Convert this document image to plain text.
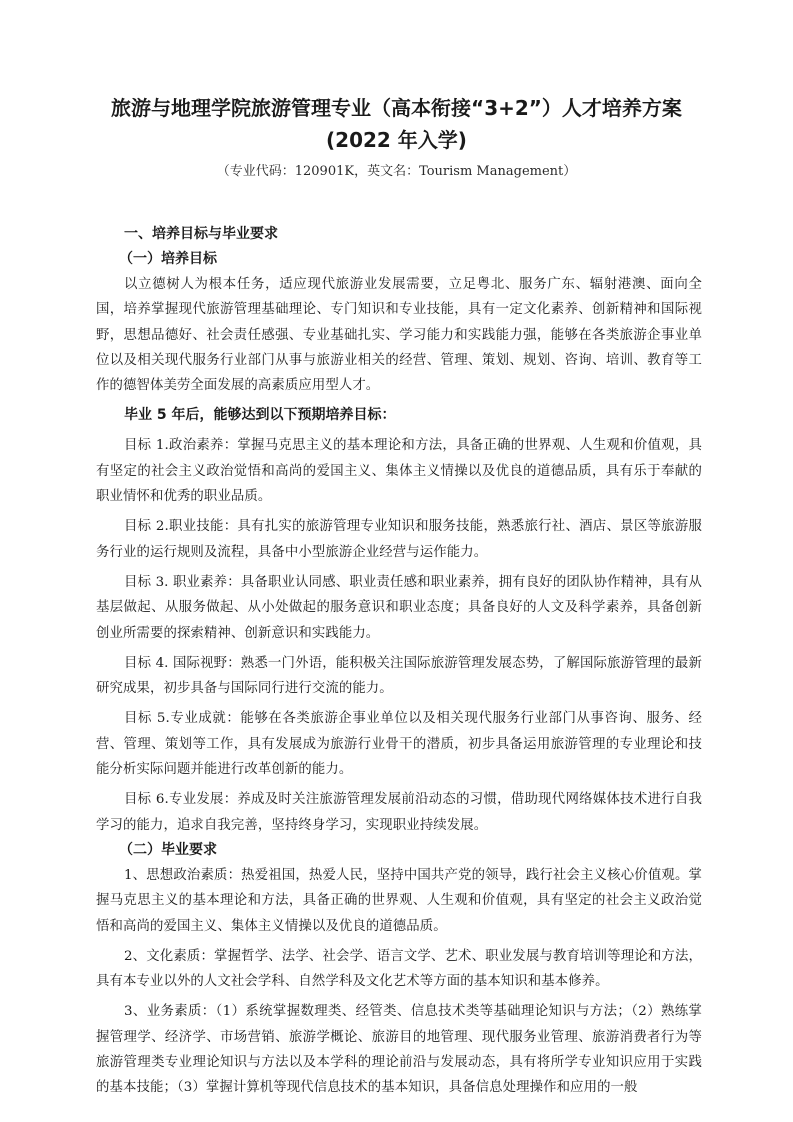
旅游与地理学院旅游管理专业（高本衔接“3+2”）人才培养方案
(2022 年入学)
（专业代码：120901K，英文名：Tourism Management）
一、培养目标与毕业要求
（一）培养目标

以立德树人为根本任务，适应现代旅游业发展需要，立足粤北、服务广东、辐射港澳、面向全国，培养掌握现代旅游管理基础理论、专门知识和专业技能，具有一定文化素养、创新精神和国际视野，思想品德好、社会责任感强、专业基础扎实、学习能力和实践能力强，能够在各类旅游企事业单位以及相关现代服务行业部门从事与旅游业相关的经营、管理、策划、规划、咨询、培训、教育等工作的德智体美劳全面发展的高素质应用型人才。

毕业 5 年后，能够达到以下预期培养目标：

目标 1.政治素养：掌握马克思主义的基本理论和方法，具备正确的世界观、人生观和价值观，具有坚定的社会主义政治觉悟和高尚的爱国主义、集体主义情操以及优良的道德品质，具有乐于奉献的职业情怀和优秀的职业品质。

目标 2.职业技能：具有扎实的旅游管理专业知识和服务技能，熟悉旅行社、酒店、景区等旅游服务行业的运行规则及流程，具备中小型旅游企业经营与运作能力。

目标 3. 职业素养：具备职业认同感、职业责任感和职业素养，拥有良好的团队协作精神，具有从基层做起、从服务做起、从小处做起的服务意识和职业态度；具备良好的人文及科学素养，具备创新创业所需要的探索精神、创新意识和实践能力。

目标 4. 国际视野：熟悉一门外语，能积极关注国际旅游管理发展态势，了解国际旅游管理的最新研究成果，初步具备与国际同行进行交流的能力。

目标 5.专业成就：能够在各类旅游企事业单位以及相关现代服务行业部门从事咨询、服务、经营、管理、策划等工作，具有发展成为旅游行业骨干的潜质，初步具备运用旅游管理的专业理论和技能分析实际问题并能进行改革创新的能力。

目标 6.专业发展：养成及时关注旅游管理发展前沿动态的习惯，借助现代网络媒体技术进行自我学习的能力，追求自我完善，坚持终身学习，实现职业持续发展。

（二）毕业要求

1、思想政治素质：热爱祖国，热爱人民，坚持中国共产党的领导，践行社会主义核心价值观。掌握马克思主义的基本理论和方法，具备正确的世界观、人生观和价值观，具有坚定的社会主义政治觉悟和高尚的爱国主义、集体主义情操以及优良的道德品质。

2、文化素质：掌握哲学、法学、社会学、语言文学、艺术、职业发展与教育培训等理论和方法，具有本专业以外的人文社会学科、自然学科及文化艺术等方面的基本知识和基本修养。

3、业务素质：（1）系统掌握数理类、经管类、信息技术类等基础理论知识与方法；（2）熟练掌握管理学、经济学、市场营销、旅游学概论、旅游目的地管理、现代服务业管理、旅游消费者行为等旅游管理类专业理论知识与方法以及本学科的理论前沿与发展动态，具有将所学专业知识应用于实践的基本技能；（3）掌握计算机等现代信息技术的基本知识，具备信息处理操作和应用的一般
